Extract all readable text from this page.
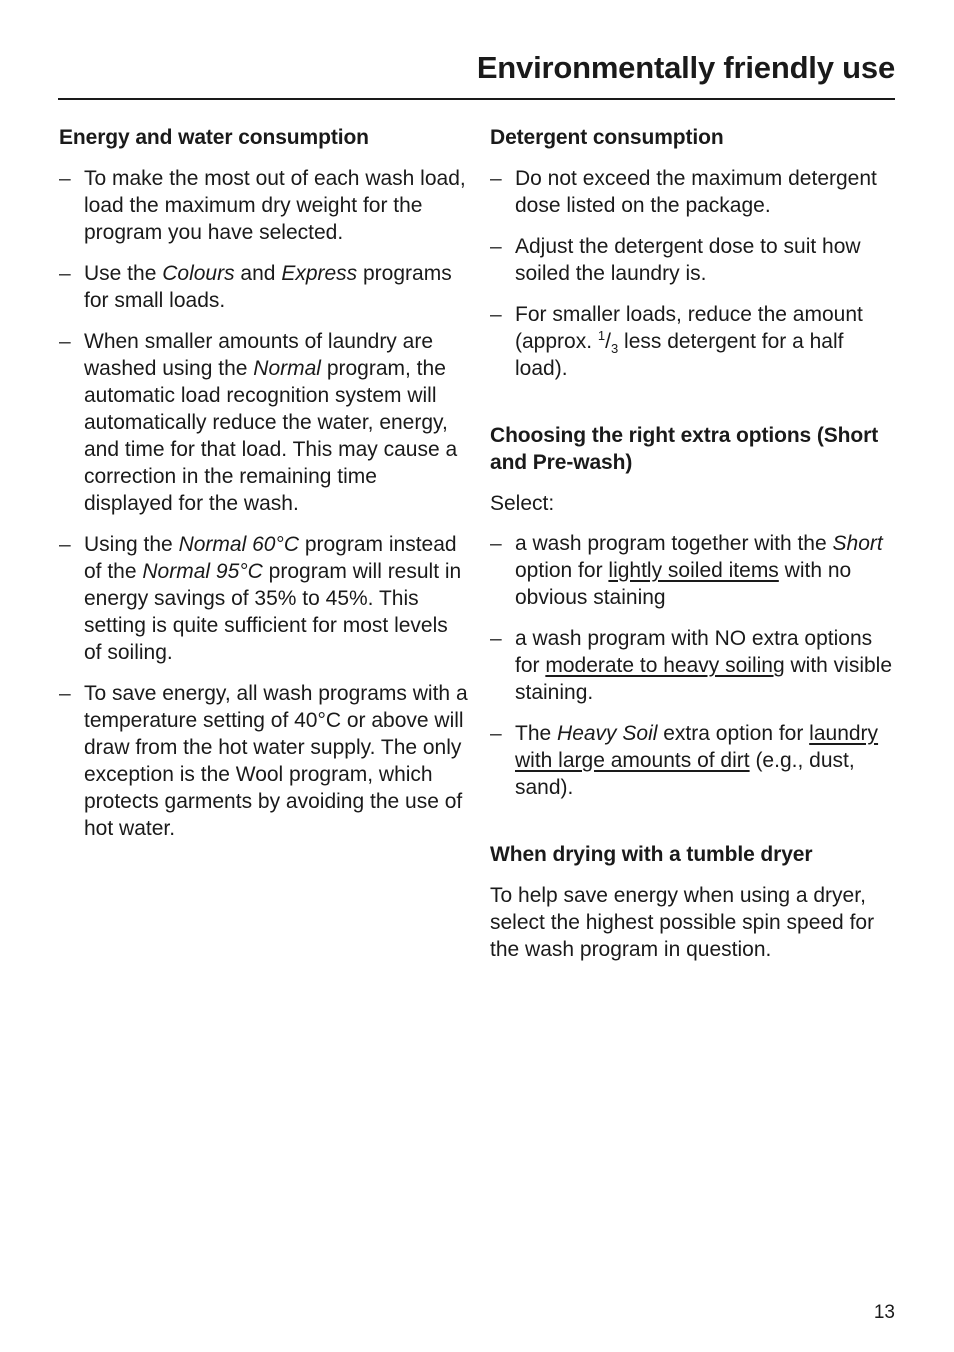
Environmentally friendly use
Energy and water consumption
– To make the most out of each wash load, load the maximum dry weight for the program you have selected.
– Use the Colours and Express programs for small loads.
– When smaller amounts of laundry are washed using the Normal program, the automatic load recognition system will automatically reduce the water, energy, and time for that load. This may cause a correction in the remaining time displayed for the wash.
– Using the Normal 60°C program instead of the Normal 95°C program will result in energy savings of 35% to 45%. This setting is quite sufficient for most levels of soiling.
– To save energy, all wash programs with a temperature setting of 40°C or above will draw from the hot water supply. The only exception is the Wool program, which protects garments by avoiding the use of hot water.
Detergent consumption
– Do not exceed the maximum detergent dose listed on the package.
– Adjust the detergent dose to suit how soiled the laundry is.
– For smaller loads, reduce the amount (approx. $^1/_3$ less detergent for a half load).
Choosing the right extra options (Short and Pre-wash)

Select:

– a wash program together with the Short option for lightly soiled items with no obvious staining
– a wash program with NO extra options for moderate to heavy soiling with visible staining.
– The Heavy Soil extra option for laundry with large amounts of dirt (e.g., dust, sand).
When drying with a tumble dryer

To help save energy when using a dryer, select the highest possible spin speed for the wash program in question.

13
